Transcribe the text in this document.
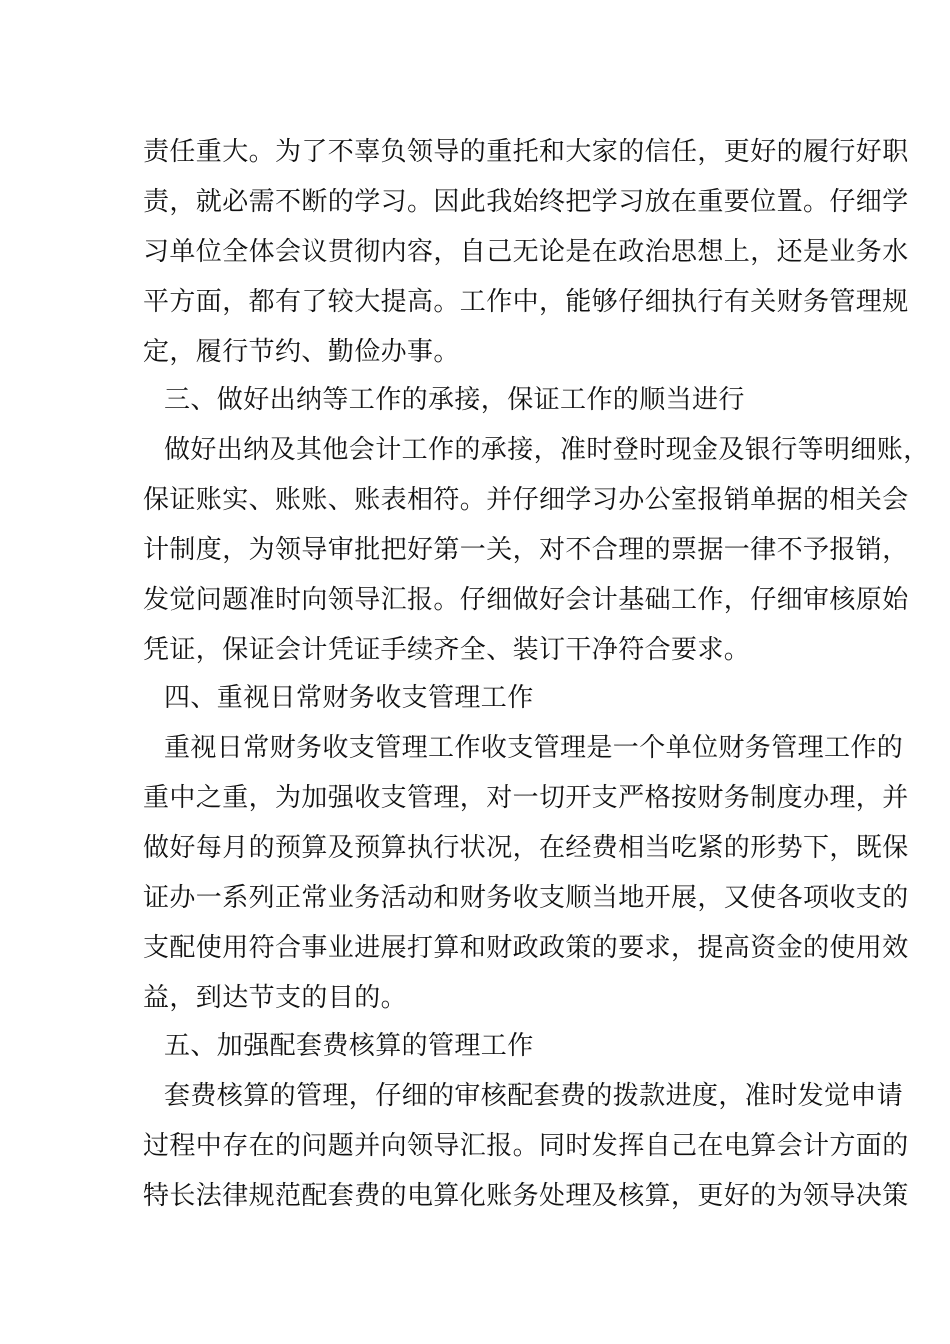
责任重大。为了不辜负领导的重托和大家的信任，更好的履行好职
责，就必需不断的学习。因此我始终把学习放在重要位置。仔细学
习单位全体会议贯彻内容，自己无论是在政治思想上，还是业务水
平方面，都有了较大提高。工作中，能够仔细执行有关财务管理规
定，履行节约、勤俭办事。
三、做好出纳等工作的承接，保证工作的顺当进行
做好出纳及其他会计工作的承接，准时登时现金及银行等明细账，
保证账实、账账、账表相符。并仔细学习办公室报销单据的相关会
计制度，为领导审批把好第一关，对不合理的票据一律不予报销，
发觉问题准时向领导汇报。仔细做好会计基础工作，仔细审核原始
凭证，保证会计凭证手续齐全、装订干净符合要求。
四、重视日常财务收支管理工作
重视日常财务收支管理工作收支管理是一个单位财务管理工作的
重中之重，为加强收支管理，对一切开支严格按财务制度办理，并
做好每月的预算及预算执行状况，在经费相当吃紧的形势下，既保
证办一系列正常业务活动和财务收支顺当地开展，又使各项收支的
支配使用符合事业进展打算和财政政策的要求，提高资金的使用效
益，到达节支的目的。
五、加强配套费核算的管理工作
套费核算的管理，仔细的审核配套费的拨款进度，准时发觉申请
过程中存在的问题并向领导汇报。同时发挥自己在电算会计方面的
特长法律规范配套费的电算化账务处理及核算，更好的为领导决策
